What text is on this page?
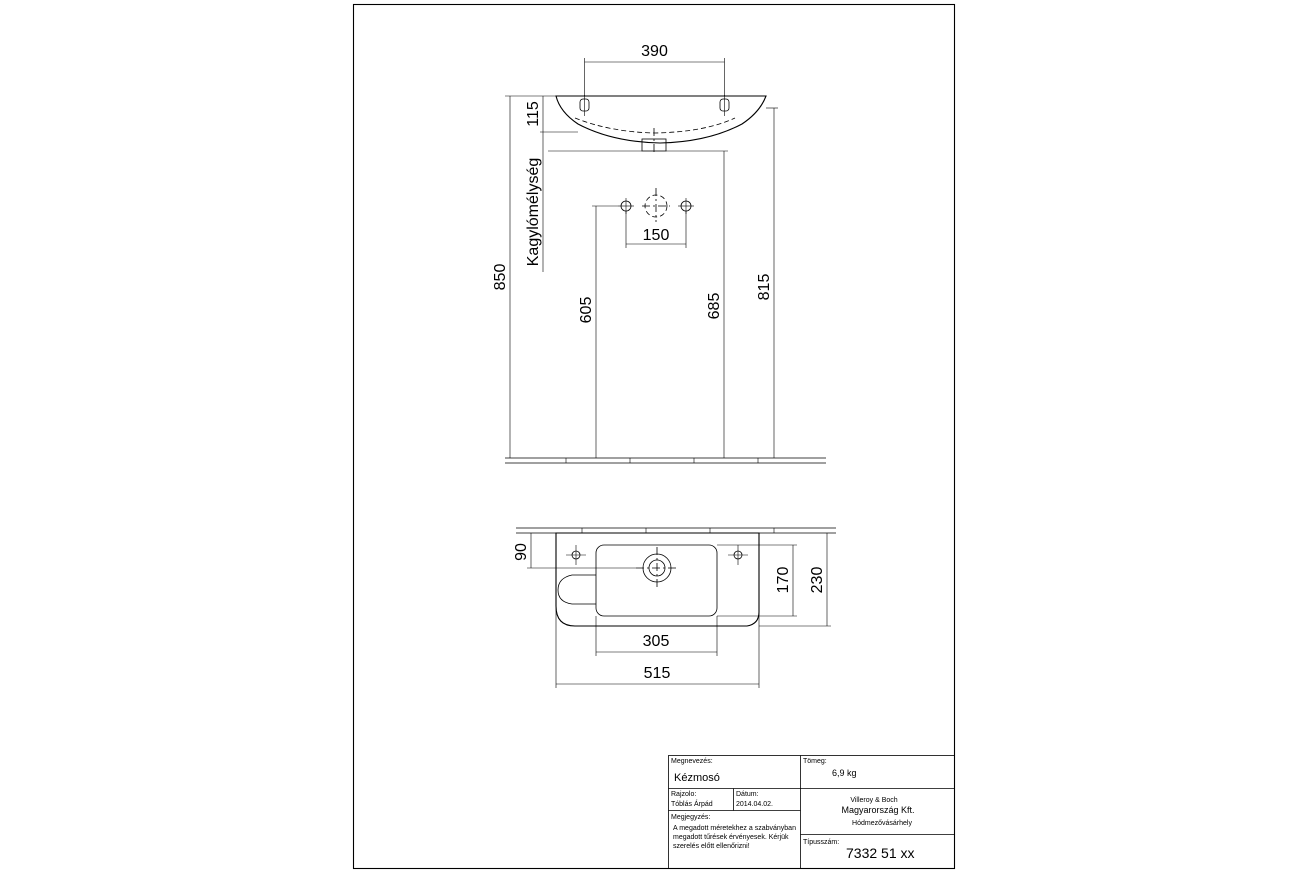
390
115
Kagylómélység
850
150
605	685
815
90
170 230
305
515
Megnevezés:
Kézmosó
Rajzolo:
Tóblás Árpád
Dátum:
2014.04.02.
Megjegyzés:
A megadott méretekhez a szabványban
megadott tűrések érvényesek. Kérjük
szerelés előtt ellenőrizni!
Tömeg:
6,9 kg
Villeroy & Boch
Magyarország Kft.
Hódmezővásárhely
Típusszám:
7332 51 xx
